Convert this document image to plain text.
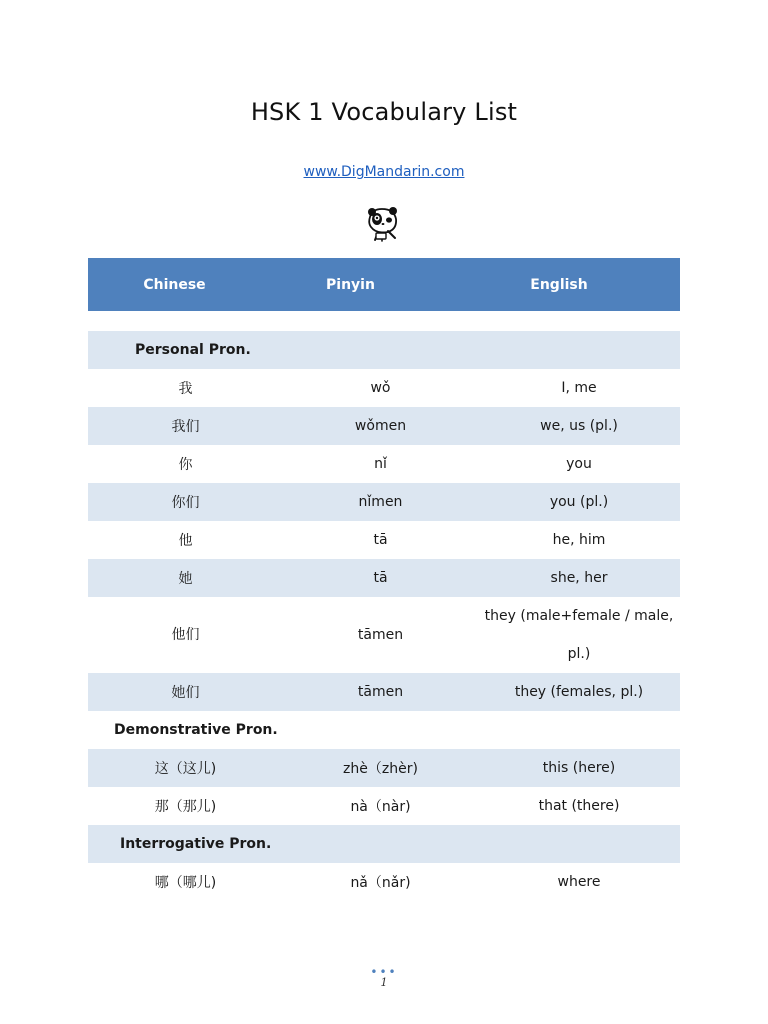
HSK 1 Vocabulary List
www.DigMandarin.com
Chinese	Pinyin	English

Personal Pron.		
我	wǒ	I, me
我们	wǒmen	we, us (pl.)
你	nǐ	you
你们	nǐmen	you (pl.)
他	tā	he, him
她	tā	she, her
他们	tāmen	they (male+female / male, pl.)
她们	tāmen	they (females, pl.)
Demonstrative Pron.		
这（这儿)	zhè（zhèr)	this (here)
那（那儿)	nà（nàr)	that (there)
Interrogative Pron.		
哪（哪儿)	nǎ（nǎr)	where
•••
1
